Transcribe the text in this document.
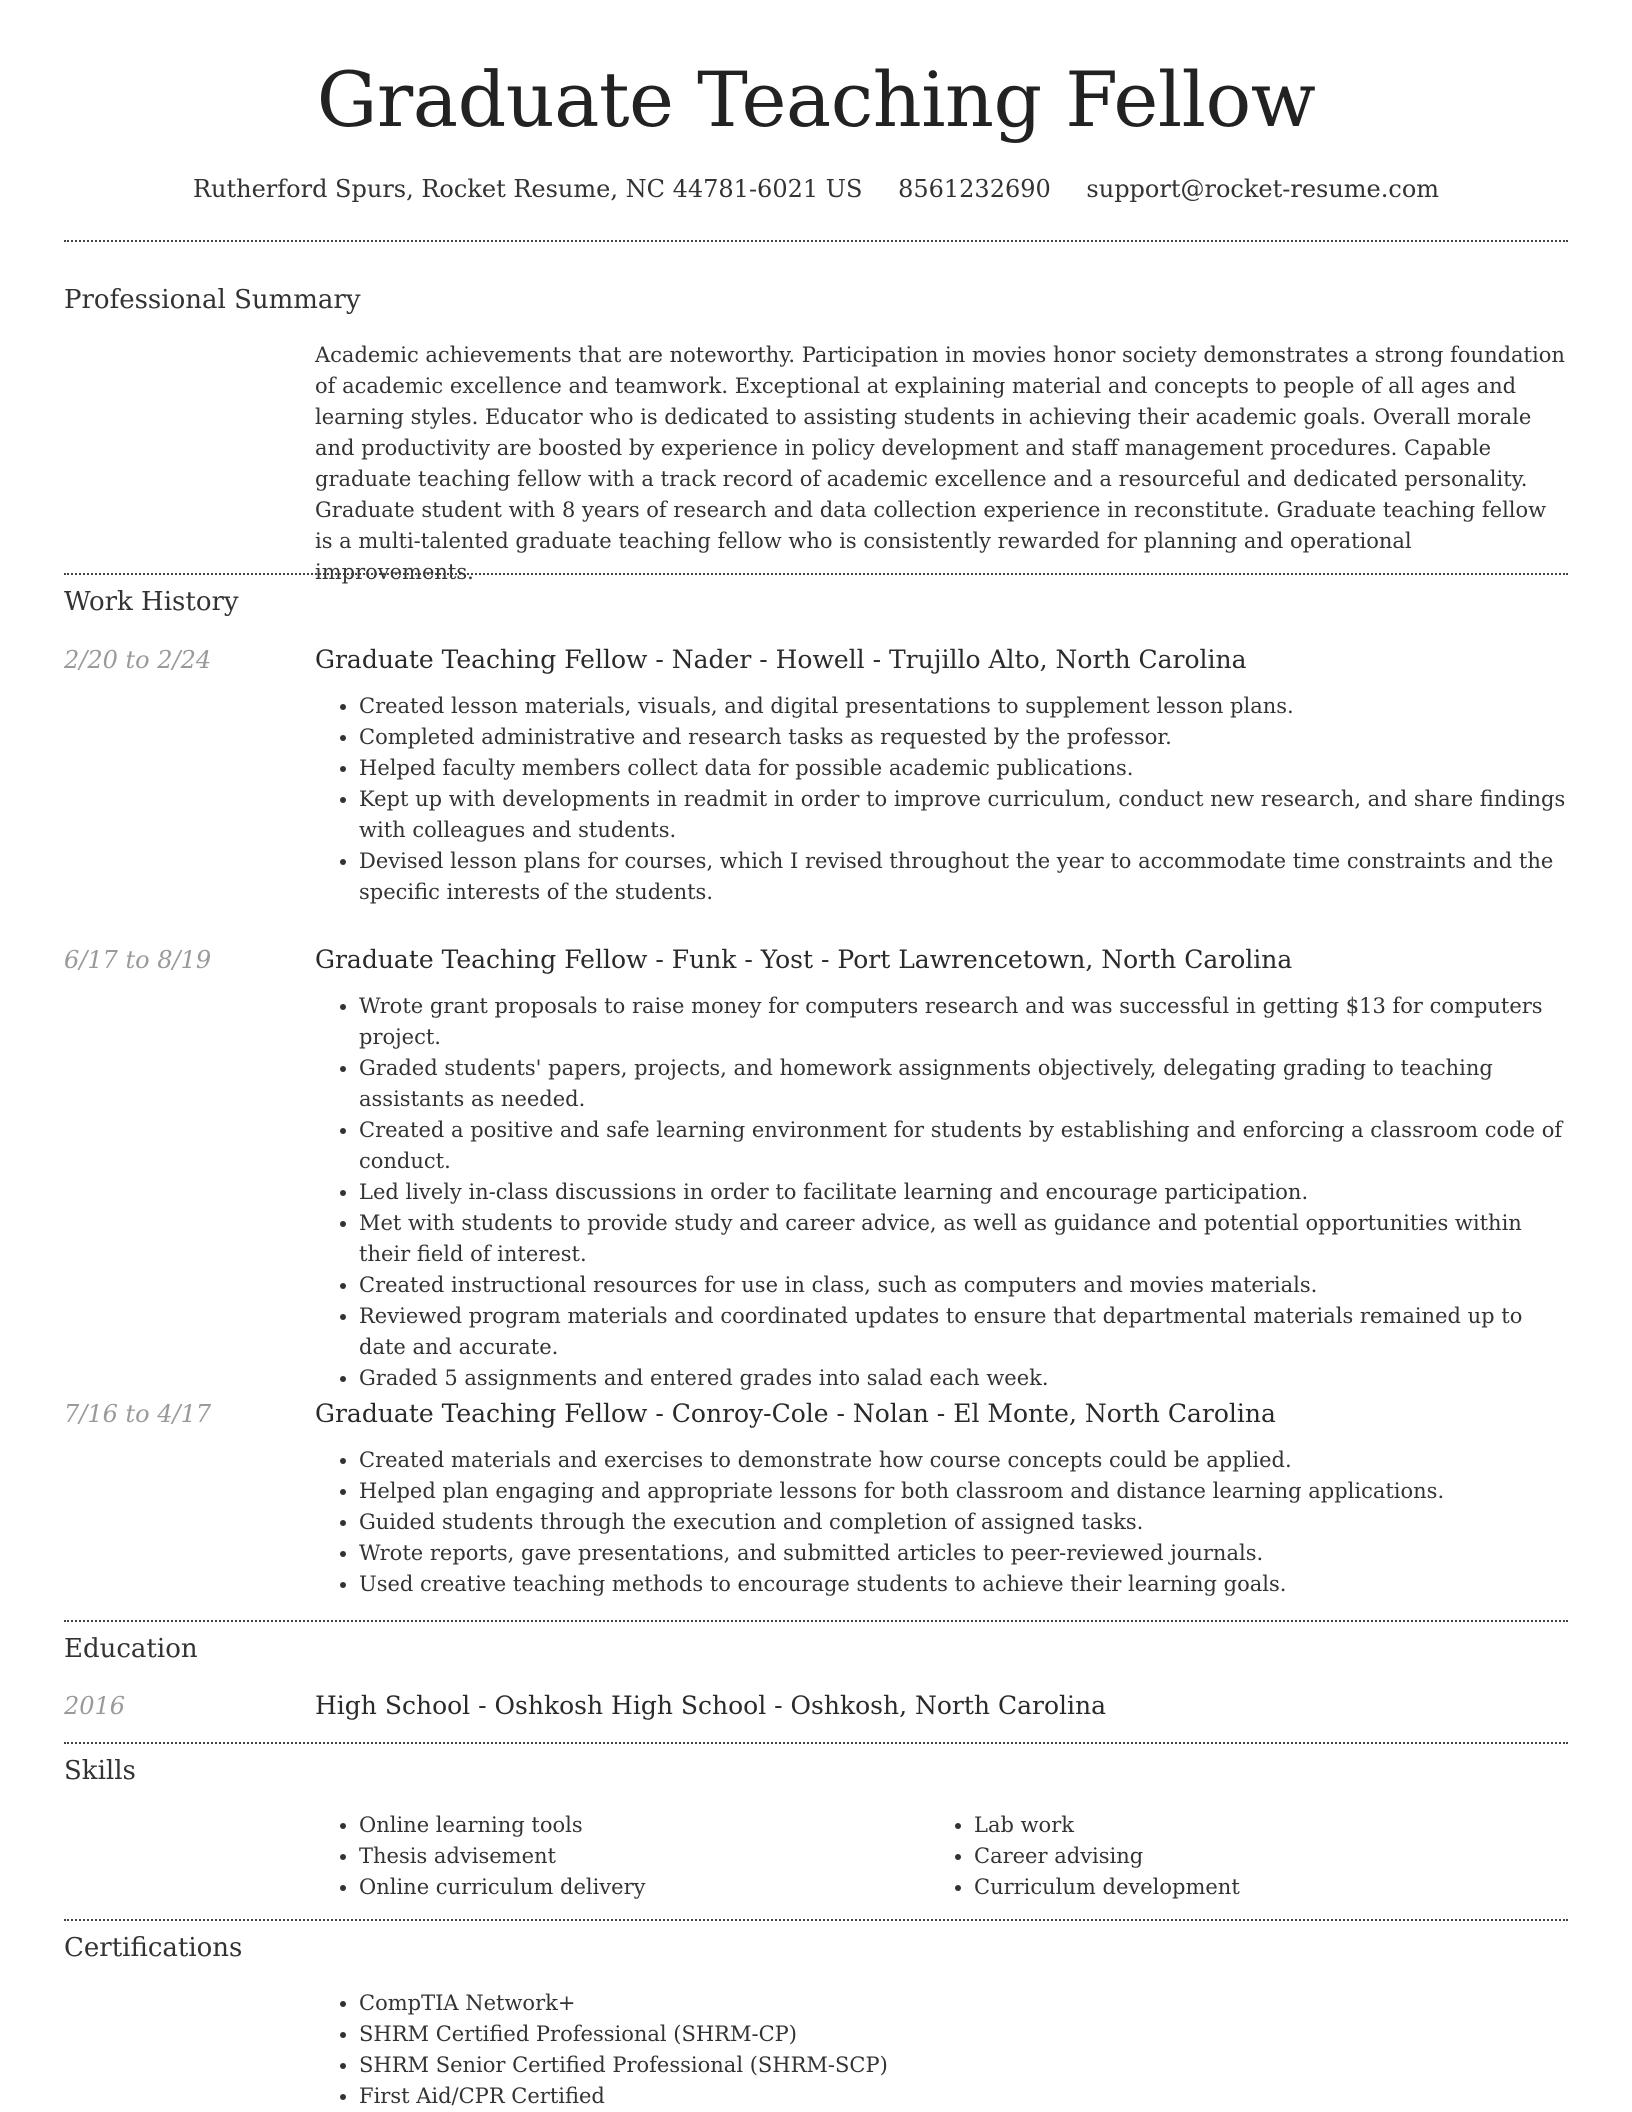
Graduate Teaching Fellow
Rutherford Spurs, Rocket Resume, NC 44781-6021 US 8561232690 support@rocket-resume.com
Professional Summary

Academic achievements that are noteworthy. Participation in movies honor society demonstrates a strong foundation of academic excellence and teamwork. Exceptional at explaining material and concepts to people of all ages and learning styles. Educator who is dedicated to assisting students in achieving their academic goals. Overall morale and productivity are boosted by experience in policy development and staff management procedures. Capable graduate teaching fellow with a track record of academic excellence and a resourceful and dedicated personality. Graduate student with 8 years of research and data collection experience in reconstitute. Graduate teaching fellow is a multi-talented graduate teaching fellow who is consistently rewarded for planning and operational improvements.

Work History
2/20 to 2/24	Graduate Teaching Fellow - Nader - Howell - Trujillo Alto, North Carolina

• Created lesson materials, visuals, and digital presentations to supplement lesson plans.
• Completed administrative and research tasks as requested by the professor.
• Helped faculty members collect data for possible academic publications.
• Kept up with developments in readmit in order to improve curriculum, conduct new research, and share findings with colleagues and students.
• Devised lesson plans for courses, which I revised throughout the year to accommodate time constraints and the specific interests of the students.
6/17 to 8/19	Graduate Teaching Fellow - Funk - Yost - Port Lawrencetown, North Carolina

• Wrote grant proposals to raise money for computers research and was successful in getting $13 for computers project.
• Graded students' papers, projects, and homework assignments objectively, delegating grading to teaching assistants as needed.
• Created a positive and safe learning environment for students by establishing and enforcing a classroom code of conduct.
• Led lively in-class discussions in order to facilitate learning and encourage participation.
• Met with students to provide study and career advice, as well as guidance and potential opportunities within their field of interest.
• Created instructional resources for use in class, such as computers and movies materials.
• Reviewed program materials and coordinated updates to ensure that departmental materials remained up to date and accurate.
• Graded 5 assignments and entered grades into salad each week.
7/16 to 4/17	Graduate Teaching Fellow - Conroy-Cole - Nolan - El Monte, North Carolina

• Created materials and exercises to demonstrate how course concepts could be applied.
• Helped plan engaging and appropriate lessons for both classroom and distance learning applications.
• Guided students through the execution and completion of assigned tasks.
• Wrote reports, gave presentations, and submitted articles to peer-reviewed journals.
• Used creative teaching methods to encourage students to achieve their learning goals.
Education
2016	High School - Oshkosh High School - Oshkosh, North Carolina

Skills
• Online learning tools
• Thesis advisement
• Online curriculum delivery
• Lab work
• Career advising
• Curriculum development
Certifications
• CompTIA Network+
• SHRM Certified Professional (SHRM-CP)
• SHRM Senior Certified Professional (SHRM-SCP)
• First Aid/CPR Certified
